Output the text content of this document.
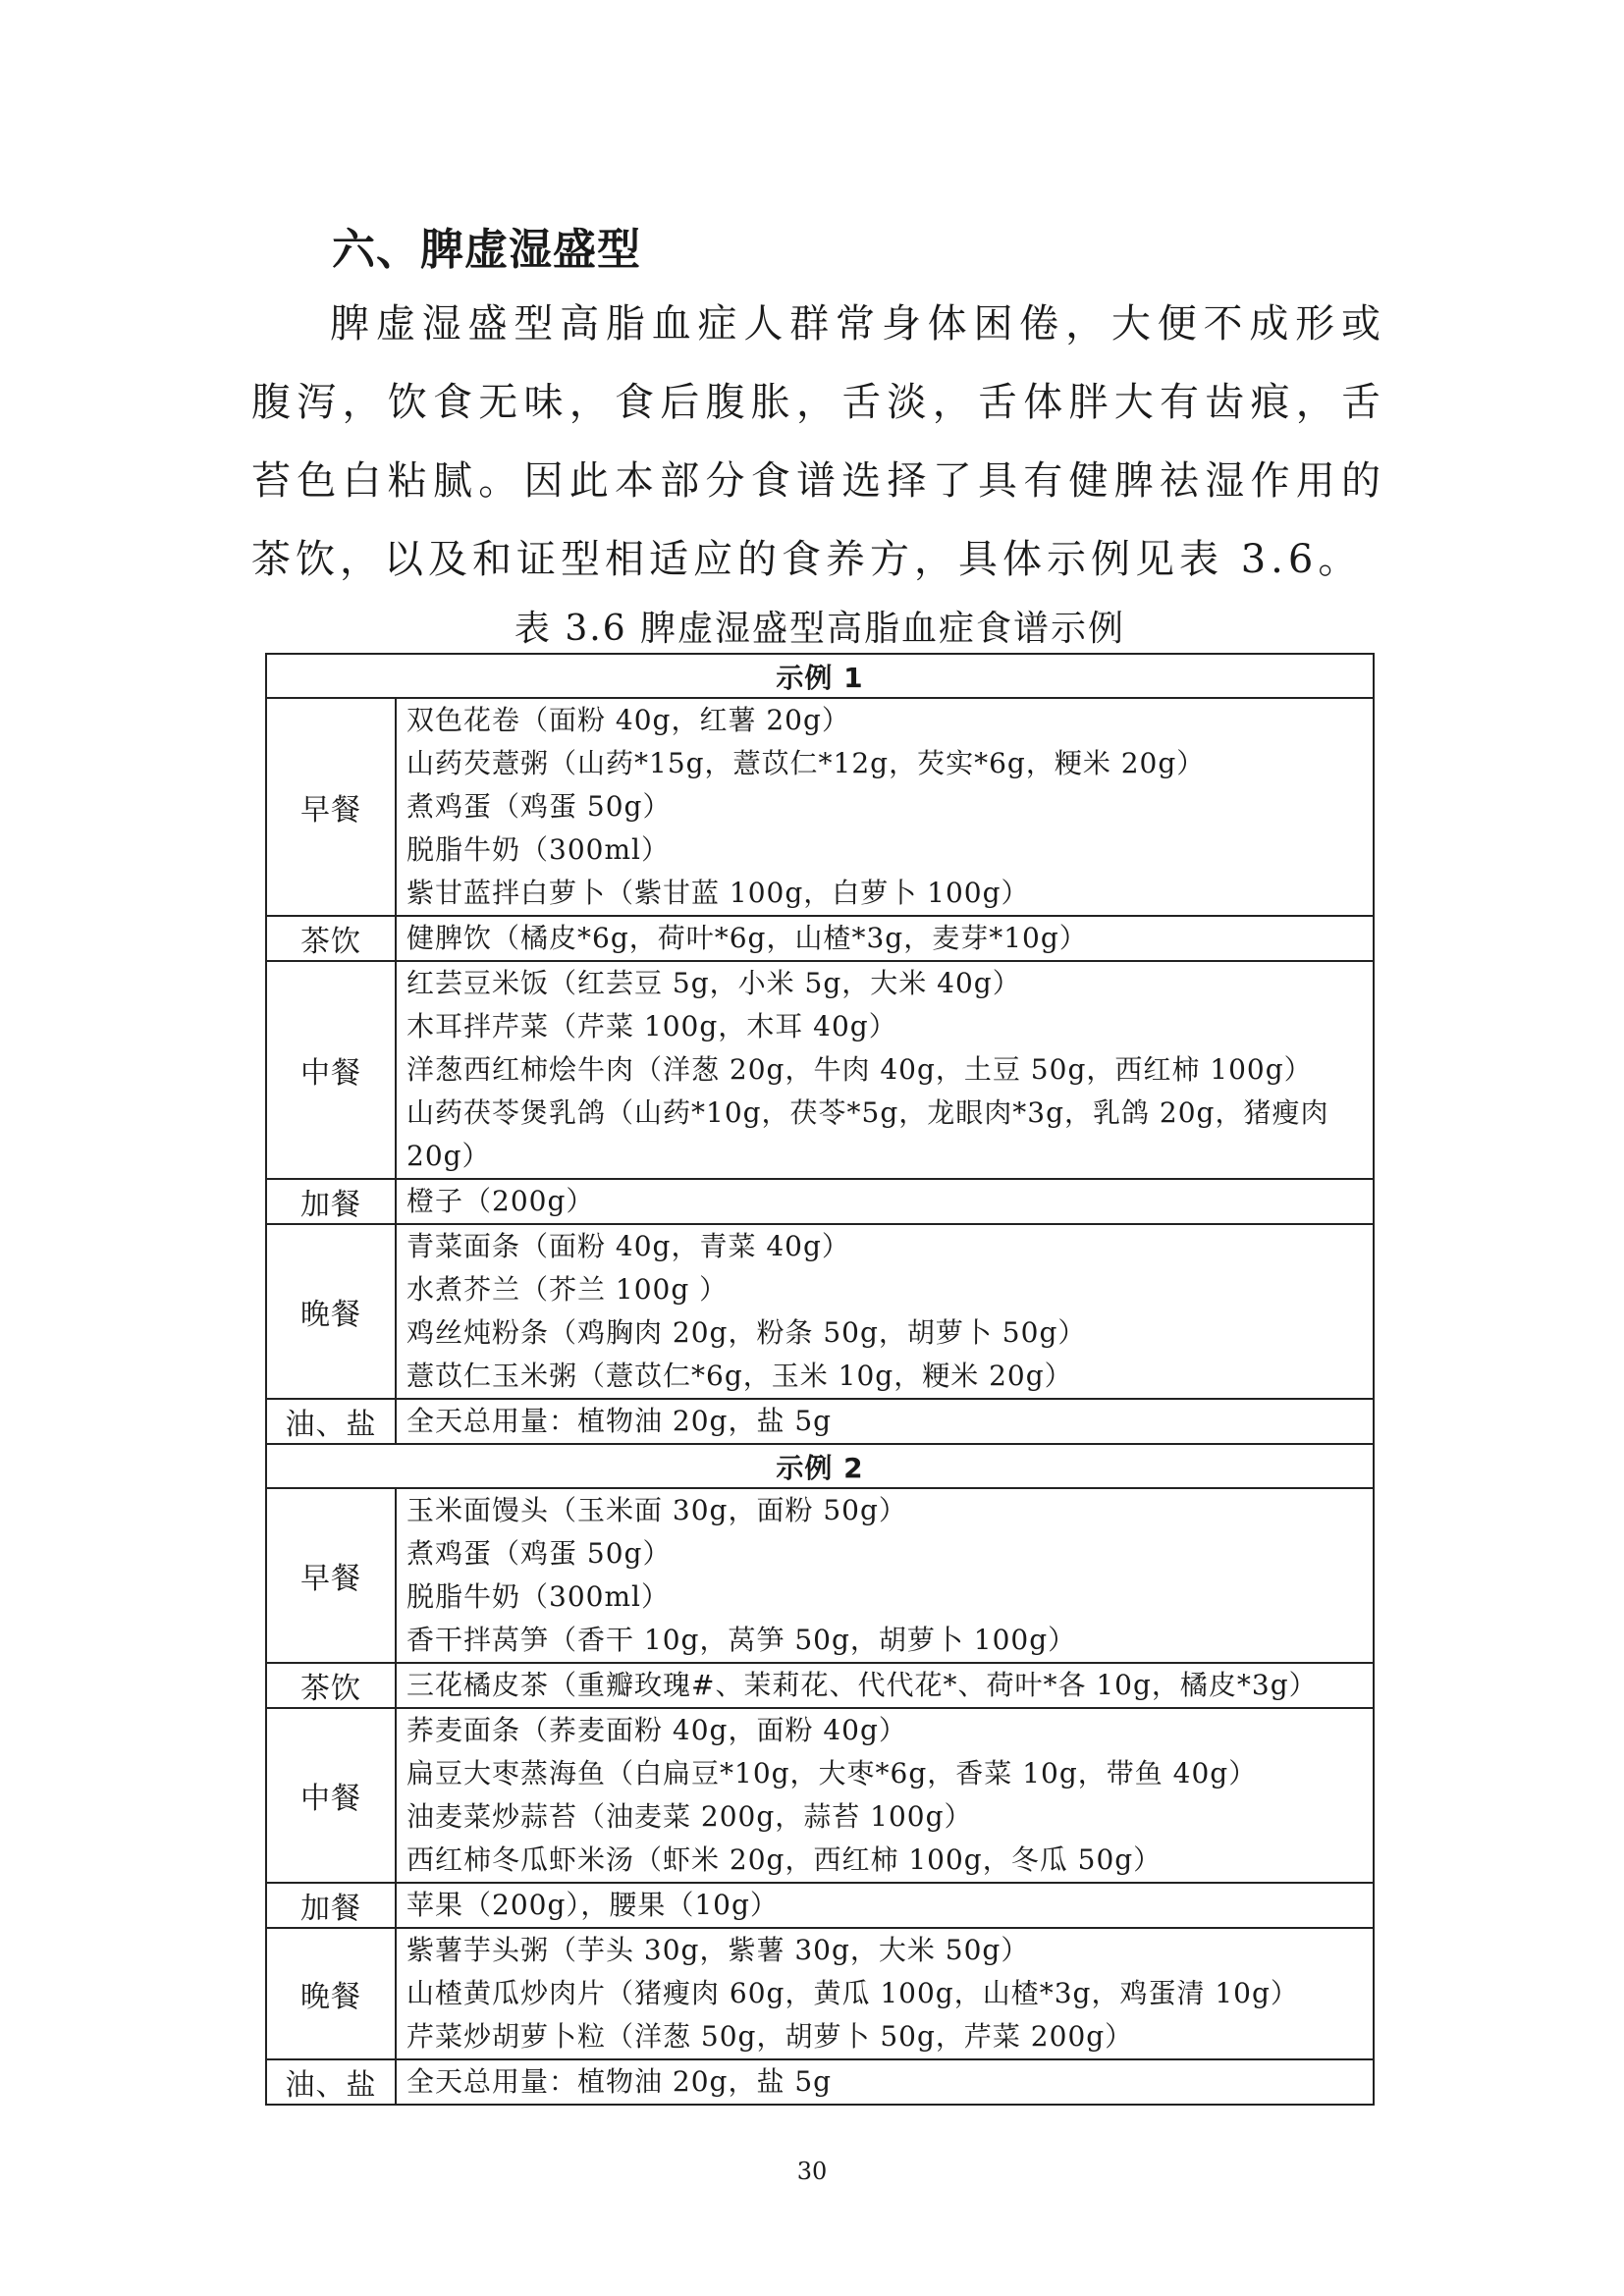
六、脾虚湿盛型

脾虚湿盛型高脂血症人群常身体困倦，大便不成形或腹泻，饮食无味，食后腹胀，舌淡，舌体胖大有齿痕，舌苔色白粘腻。因此本部分食谱选择了具有健脾祛湿作用的茶饮，以及和证型相适应的食养方，具体示例见表 3.6。

表 3.6 脾虚湿盛型高脂血症食谱示例

示例 1	
早餐	双色花卷（面粉 40g，红薯 20g）
山药芡薏粥（山药*15g，薏苡仁*12g，芡实*6g，粳米 20g）
煮鸡蛋（鸡蛋 50g）
脱脂牛奶（300ml）
紫甘蓝拌白萝卜（紫甘蓝 100g，白萝卜 100g）

茶饮	健脾饮（橘皮*6g，荷叶*6g，山楂*3g，麦芽*10g）

中餐	红芸豆米饭（红芸豆 5g，小米 5g，大米 40g）
木耳拌芹菜（芹菜 100g，木耳 40g）
洋葱西红柿烩牛肉（洋葱 20g，牛肉 40g，土豆 50g，西红柿 100g）
山药茯苓煲乳鸽（山药*10g，茯苓*5g，龙眼肉*3g，乳鸽 20g，猪瘦肉 20g）

加餐	橙子（200g）

晚餐	青菜面条（面粉 40g，青菜 40g）
水煮芥兰（芥兰 100g ）
鸡丝炖粉条（鸡胸肉 20g，粉条 50g，胡萝卜 50g）
薏苡仁玉米粥（薏苡仁*6g，玉米 10g，粳米 20g）

油、盐	全天总用量：植物油 20g，盐 5g

示例 2	
早餐	玉米面馒头（玉米面 30g，面粉 50g）
煮鸡蛋（鸡蛋 50g）
脱脂牛奶（300ml）
香干拌莴笋（香干 10g，莴笋 50g，胡萝卜 100g）

茶饮	三花橘皮茶（重瓣玫瑰#、茉莉花、代代花*、荷叶*各 10g，橘皮*3g）

中餐	荞麦面条（荞麦面粉 40g，面粉 40g）
扁豆大枣蒸海鱼（白扁豆*10g，大枣*6g，香菜 10g，带鱼 40g）
油麦菜炒蒜苔（油麦菜 200g，蒜苔 100g）
西红柿冬瓜虾米汤（虾米 20g，西红柿 100g，冬瓜 50g）

加餐	苹果（200g），腰果（10g）

晚餐	紫薯芋头粥（芋头 30g，紫薯 30g，大米 50g）
山楂黄瓜炒肉片（猪瘦肉 60g，黄瓜 100g，山楂*3g，鸡蛋清 10g）
芹菜炒胡萝卜粒（洋葱 50g，胡萝卜 50g，芹菜 200g）

油、盐	全天总用量：植物油 20g，盐 5g
30
